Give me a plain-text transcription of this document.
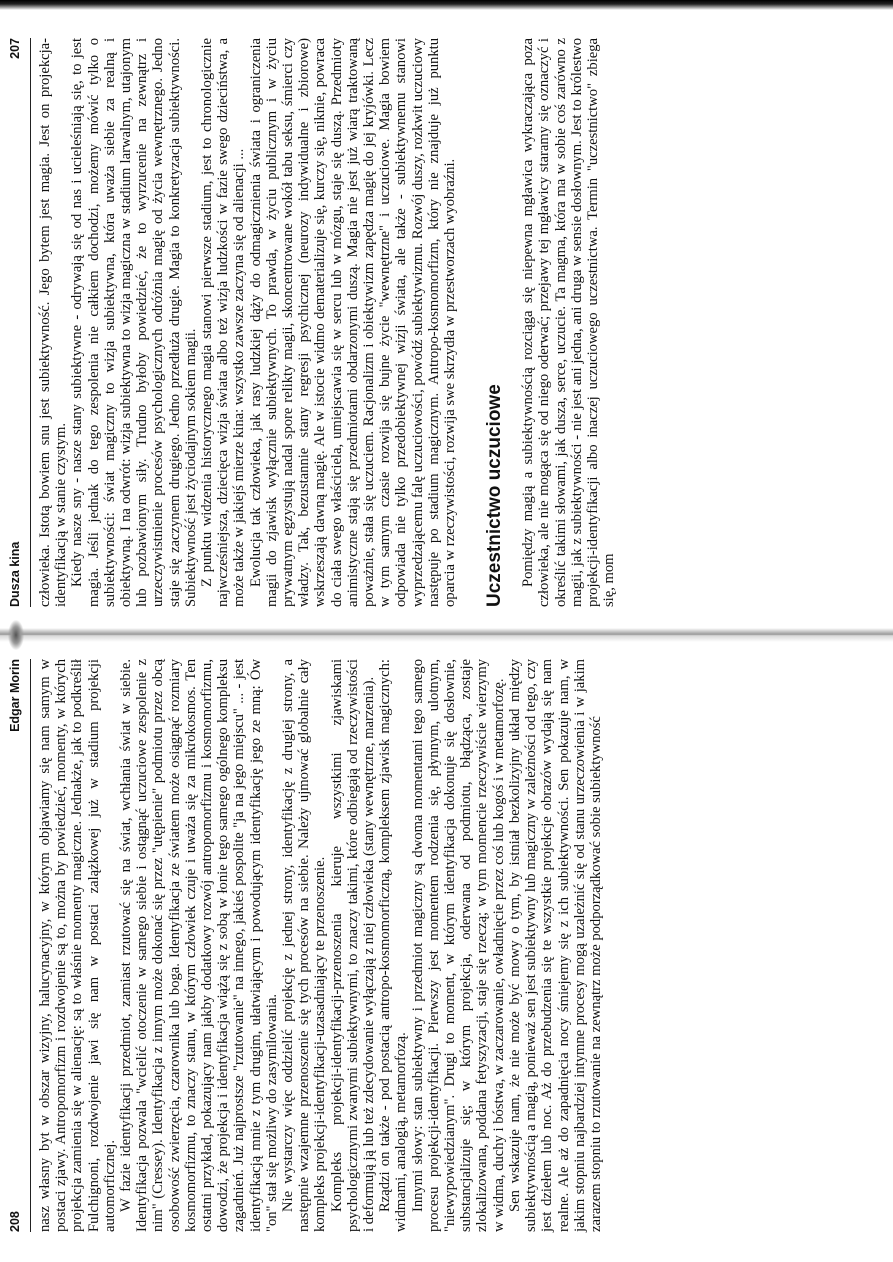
208
Edgar Morin nasz własny byt w obszar wizyjny, halucynacyjny, w którym objawiamy się nam samym w postaci zjawy. Antropomorfizm i rozdwojenie są to, można by powiedzieć, momenty, w których projekcja zamienia się w alienację: są to właśnie momenty magiczne. Jednakże, jak to podkreślił Fulchignoni, rozdwojenie jawi się nam w postaci zalążkowej już w stadium projekcji automorficznej. W fazie identyfikacji przedmiot, zamiast rzutować się na świat, wchłania świat w siebie. Identyfikacja pozwala "wcielić otoczenie w samego siebie i ostągnąć uczuciowe zespolenie z nim" (Cressey). Identyfikacja z innym może dokonać się przez "utępienie" podmiotu przez obcą osobowość zwierzęcia, czarownika lub boga. Identyfikacja ze światem może osiągnąć rozmiary kosmomorfizmu, to znaczy stanu, w którym człowiek czuje i uważa się za mikrokosmos. Ten ostatni przykład, pokazujący nam jakby dodatkowy rozwój antropomorfizmu i kosmomorfizmu, dowodzi, że projekcja i identyfikacja wiążą się z sobą w łonie tego samego ogólnego kompleksu zagadnień. Już najprostsze "rzutowanie" na innego, jakieś pospolite "ja na jego miejscu" ... - jest identyfikacją mnie z tym drugim, ułatwiającym i powodującym identyfikację jego ze mną: Ów "on" stał się możliwy do zasymilowania. Nie wystarczy więc oddzielić projekcję z jednej strony, identyfikację z drugiej strony, a następnie wzajemne przenoszenie się tych procesów na siebie. Należy ujmować globalnie cały kompleks projekcji-identyfikacji-uzasadniający te przenoszenie. Kompleks projekcji-identyfikacji-przenoszenia kieruje wszystkimi zjawiskami psychologicznymi zwanymi subiektywnymi, to znaczy takimi, które odbiegają od rzeczywistości i deformują ją lub też zdecydowanie wyłączają z niej człowieka (stany wewnętrzne, marzenia). Rządzi on także - pod postacią antropo-kosmomorficzną, kompleksem zjawisk magicznych: widmami, analogią, metamorfozą. Innymi słowy: stan subiektywny i przedmiot magiczny są dwoma momentami tego samego procesu projekcji-identyfikacji. Pierwszy jest momentem rodzenia się, płynnym, ulotnym, "niewypowiedzianym". Drugi to moment, w którym identyfikacja dokonuje się dosłownie, substancjalizuje się; w którym projekcja, oderwana od podmiotu, błądząca, zostaje zlokalizowana, poddana fetyszyzacji, staje się rzeczą; w tym momencie rzeczywiście wierzymy w widma, duchy i bóstwa, w zaczarowanie, owładnięcie przez coś lub kogoś i w metamorfozę. Sen wskazuje nam, że nie może być mowy o tym, by istniał bezkolizyjny układ między subiektywnością a magią, ponieważ sen jest subiektywny lub magiczny w zależności od tego, czy jest dziełem lub noc. Aż do przebudzenia się te wszystkie projekcje obrazów wydają się nam realne. Ale aż do zapadnięcia nocy śmiejemy się z ich subiektywności. Sen pokazuje nam, w jakim stopniu najbardziej intymne procesy mogą uzależnić się od stanu urzeczowienia i w jakim zarazem stopniu to rzutowanie na zewnątrz może podporządkować sobie subiektywność

Dusza kina
207 człowieka. Istotą bowiem snu jest subiektywność. Jego bytem jest magia. Jest on projekcja-identyfikacją w stanie czystym. Kiedy nasze sny - nasze stany subiektywne - odrywają się od nas i ucieleśniają się, to jest magia. Jeśli jednak do tego zespolenia nie całkiem dochodzi, możemy mówić tylko o subiektywności: świat magiczny to wizja subiektywna, która uważa siebie za realną i obiektywną. I na odwrót: wizja subiektywna to wizja magiczna w stadium larwalnym, utajonym lub pozbawionym siły. Trudno byłoby powiedzieć, że to wyrzucenie na zewnątrz i urzeczywistnienie procesów psychologicznych odróżnia magię od życia wewnętrznego. Jedno staje się zaczynem drugiego. Jedno przedłuża drugie. Magia to konkretyzacja subiektywności. Subiektywność jest życiodajnym sokiem magii. Z punktu widzenia historycznego magia stanowi pierwsze stadium, jest to chronologicznie najwcześniejsza, dziecięca wizja świata albo też wizja ludzkości w fazie swego dzieciństwa, a może także w jakiejś mierze kina: wszystko zawsze zaczyna się od alienacji ... Ewolucja tak człowieka, jak rasy ludzkiej dąży do odmagicznienia świata i ograniczenia magii do zjawisk wyłącznie subiektywnych. To prawda, w życiu publicznym i w życiu prywatnym egzystują nadal spore relikty magii, skoncentrowane wokół tabu seksu, śmierci czy władzy. Tak, bezustannie stany regresji psychicznej (neurozy indywidualne i zbiorowe) wskrzeszają dawną magię. Ale w istocie widmo dematerializuje się, kurczy się, niknie, powraca do ciała swego właściciela, umiejscawia się w sercu lub w mózgu, staje się duszą. Przedmioty animistyczne stają się przedmiotami obdarzonymi duszą. Magia nie jest już wiarą traktowaną poważnie, stała się uczuciem. Racjonalizm i obiektywizm zapędza magię do jej kryjówki. Lecz w tym samym czasie rozwija się bujne życie "wewnętrzne" i uczuciowe. Magia bowiem odpowiada nie tylko przedobiektywnej wizji świata, ale także - subiektywnemu stanowi wyprzedzającemu falę uczuciowości, powódź subiektywizmu. Rozwój duszy, rozkwit uczuciowy następuje po stadium magicznym. Antropo-kosmomorfizm, który nie znajduje już punktu oparcia w rzeczywistości, rozwija swe skrzydła w przestworzach wyobraźni. Uczestnictwo uczuciowe Pomiędzy magią a subiektywnością rozciąga się niepewna mgławica wykraczająca poza człowieka, ale nie mogąca się od niego oderwać; przejawy tej mgławicy staramy się oznaczyć i określić takimi słowami, jak dusza, serce, uczucie. Ta magma, która ma w sobie coś zarówno z magii, jak z subiektywności - nie jest ani jedna, ani druga w sensie dosłownym. Jest to królestwo projekcji-identyfikacji albo inaczej uczuciowego uczestnictwa. Termin "uczestnictwo" zbiega się, mom
